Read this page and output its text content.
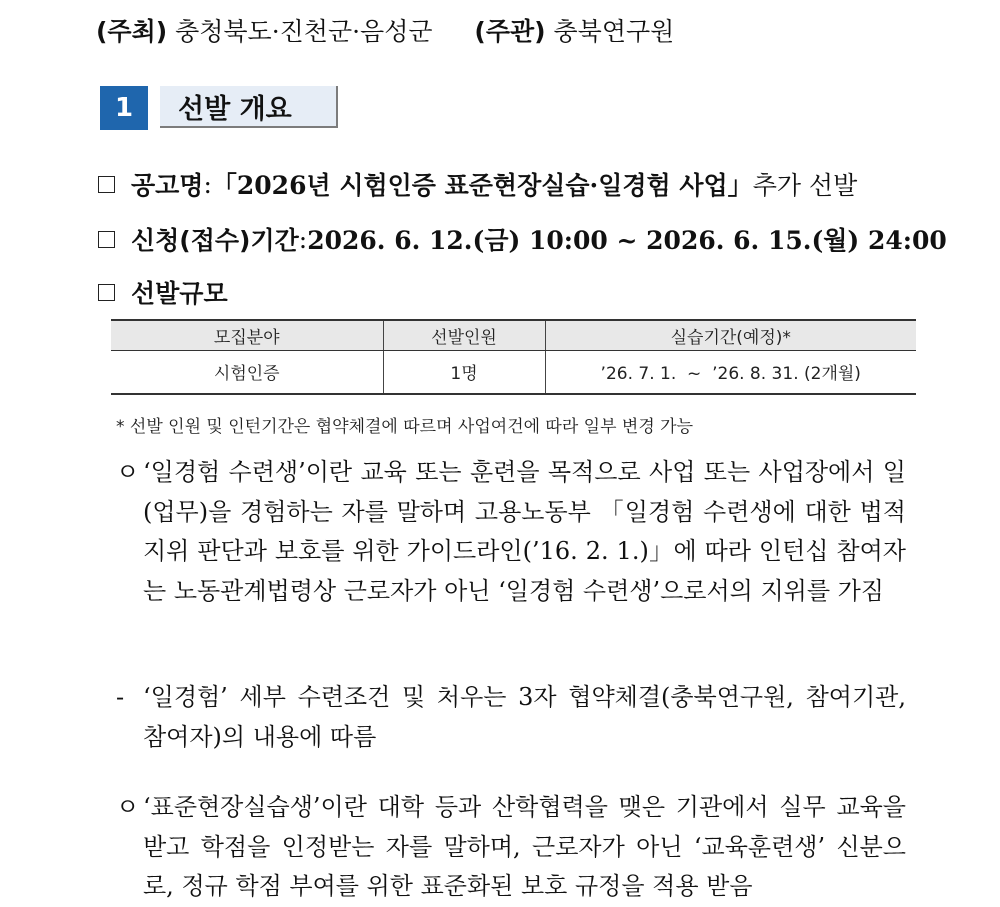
(주최) 충청북도·진천군·음성군 (주관) 충북연구원
1	선발 개요
공고명 : 「2026년 시험인증 표준현장실습·일경험 사업」 추가 선발
신청(접수)기간 : 2026. 6. 12.(금) 10:00 ~ 2026. 6. 15.(월) 24:00
선발규모
모집분야	선발인원	실습기간(예정)*
시험인증	1명	’26. 7. 1.  ~  ’26. 8. 31. (2개월)
* 선발 인원 및 인턴기간은 협약체결에 따르며 사업여건에 따라 일부 변경 가능
ㅇ ‘일경험 수련생’이란 교육 또는 훈련을 목적으로 사업 또는 사업장에서 일(업무)을 경험하는 자를 말하며 고용노동부 「일경험 수련생에 대한 법적 지위 판단과 보호를 위한 가이드라인(’16. 2. 1.)」에 따라 인턴십 참여자는 노동관계법령상 근로자가 아닌 ‘일경험 수련생’으로서의 지위를 가짐
- ‘일경험’ 세부 수련조건 및 처우는 3자 협약체결(충북연구원, 참여기관, 참여자)의 내용에 따름
ㅇ ‘표준현장실습생’이란 대학 등과 산학협력을 맺은 기관에서 실무 교육을 받고 학점을 인정받는 자를 말하며, 근로자가 아닌 ‘교육훈련생’ 신분으로, 정규 학점 부여를 위한 표준화된 보호 규정을 적용 받음
